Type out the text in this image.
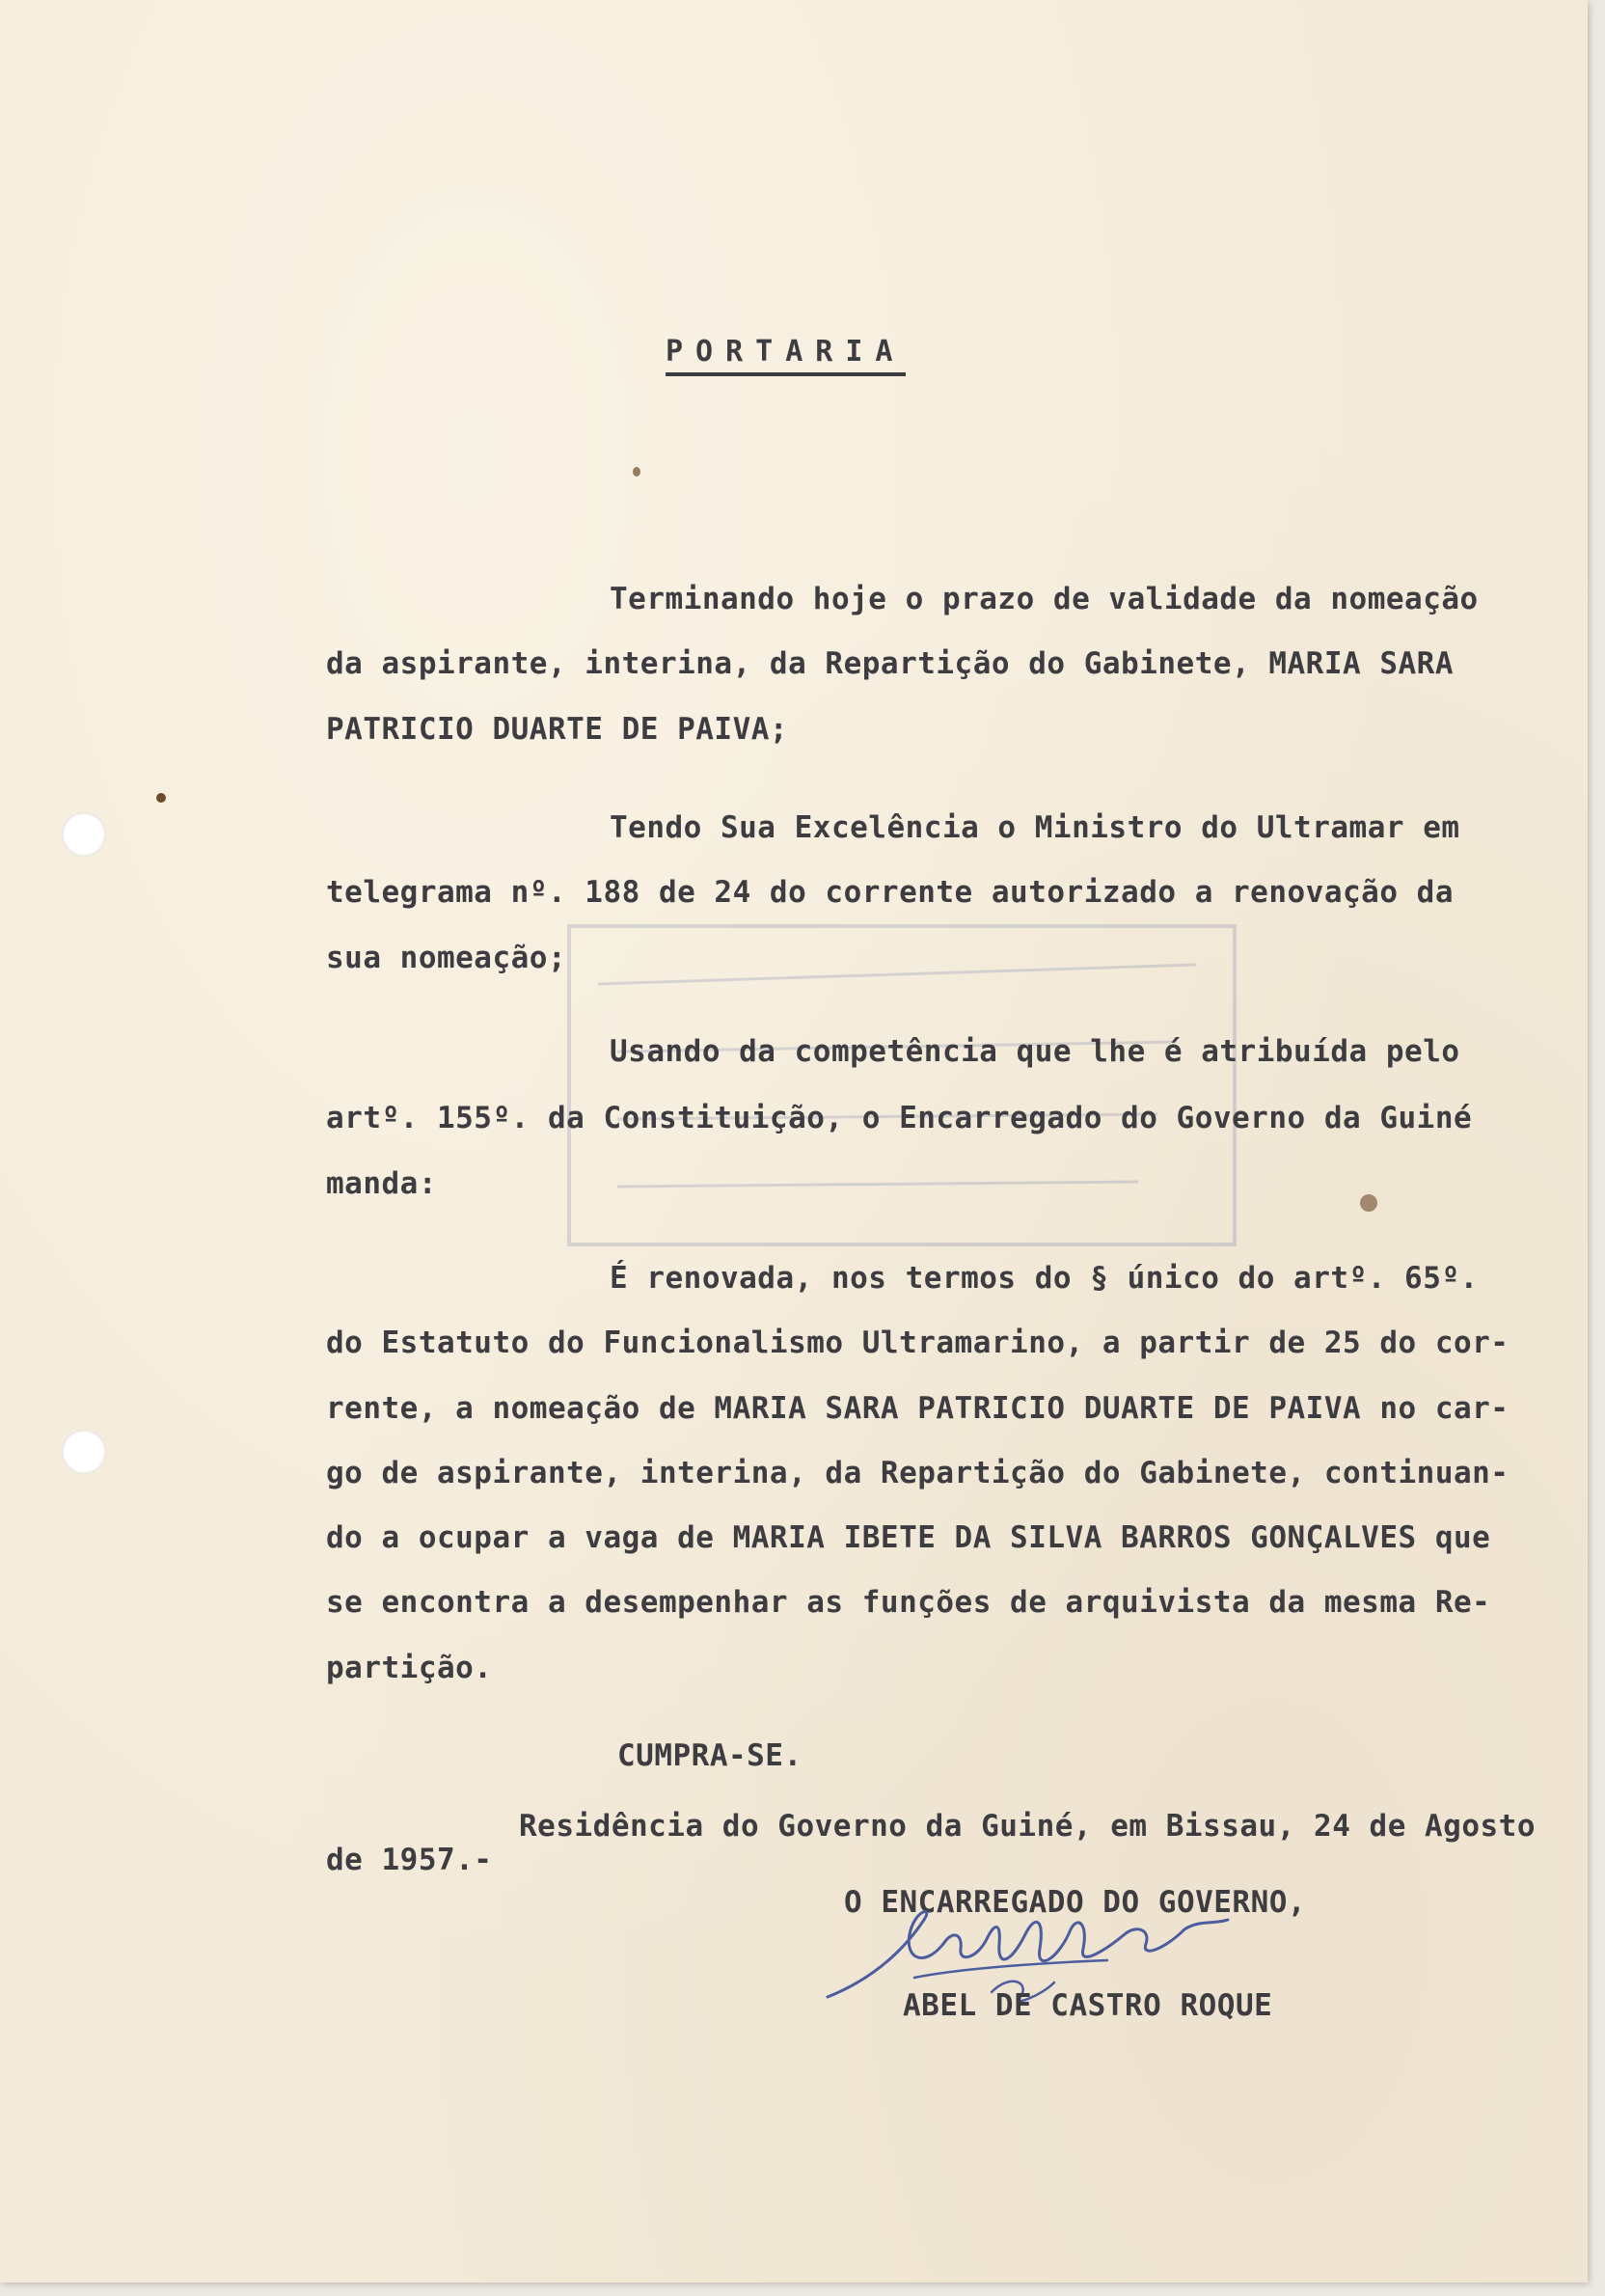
PORTARIA
Terminando hoje o prazo de validade da nomeação
da aspirante, interina, da Repartição do Gabinete, MARIA SARA
PATRICIO DUARTE DE PAIVA;
Tendo Sua Excelência o Ministro do Ultramar em
telegrama nº. 188 de 24 do corrente autorizado a renovação da
sua nomeação;
Usando da competência que lhe é atribuída pelo
artº. 155º. da Constituição, o Encarregado do Governo da Guiné
manda:
É renovada, nos termos do § único do artº. 65º.
do Estatuto do Funcionalismo Ultramarino, a partir de 25 do cor-
rente, a nomeação de MARIA SARA PATRICIO DUARTE DE PAIVA no car-
go de aspirante, interina, da Repartição do Gabinete, continuan-
do a ocupar a vaga de MARIA IBETE DA SILVA BARROS GONÇALVES que
se encontra a desempenhar as funções de arquivista da mesma Re-
partição.
CUMPRA-SE.
Residência do Governo da Guiné, em Bissau, 24 de Agosto
de 1957.-
O ENCARREGADO DO GOVERNO,
ABEL DE CASTRO ROQUE
